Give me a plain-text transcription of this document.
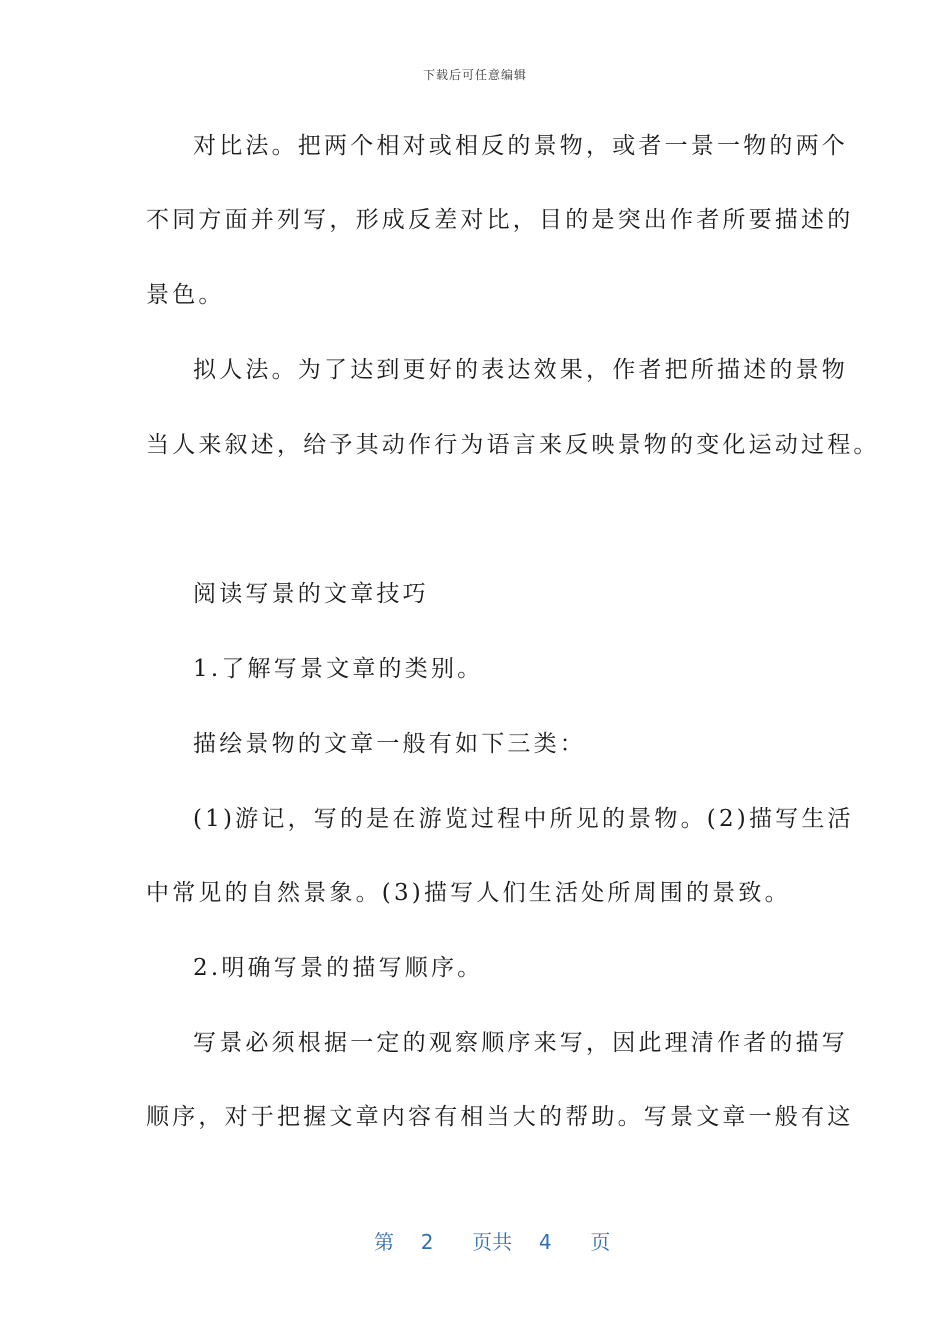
下载后可任意编辑
对比法。把两个相对或相反的景物，或者一景一物的两个
不同方面并列写，形成反差对比，目的是突出作者所要描述的
景色。
拟人法。为了达到更好的表达效果，作者把所描述的景物
当人来叙述，给予其动作行为语言来反映景物的变化运动过程。
阅读写景的文章技巧
1.了解写景文章的类别。
描绘景物的文章一般有如下三类：
(1)游记，写的是在游览过程中所见的景物。(2)描写生活
中常见的自然景象。(3)描写人们生活处所周围的景致。
2.明确写景的描写顺序。
写景必须根据一定的观察顺序来写，因此理清作者的描写
顺序，对于把握文章内容有相当大的帮助。写景文章一般有这
第 2 页共 4 页
